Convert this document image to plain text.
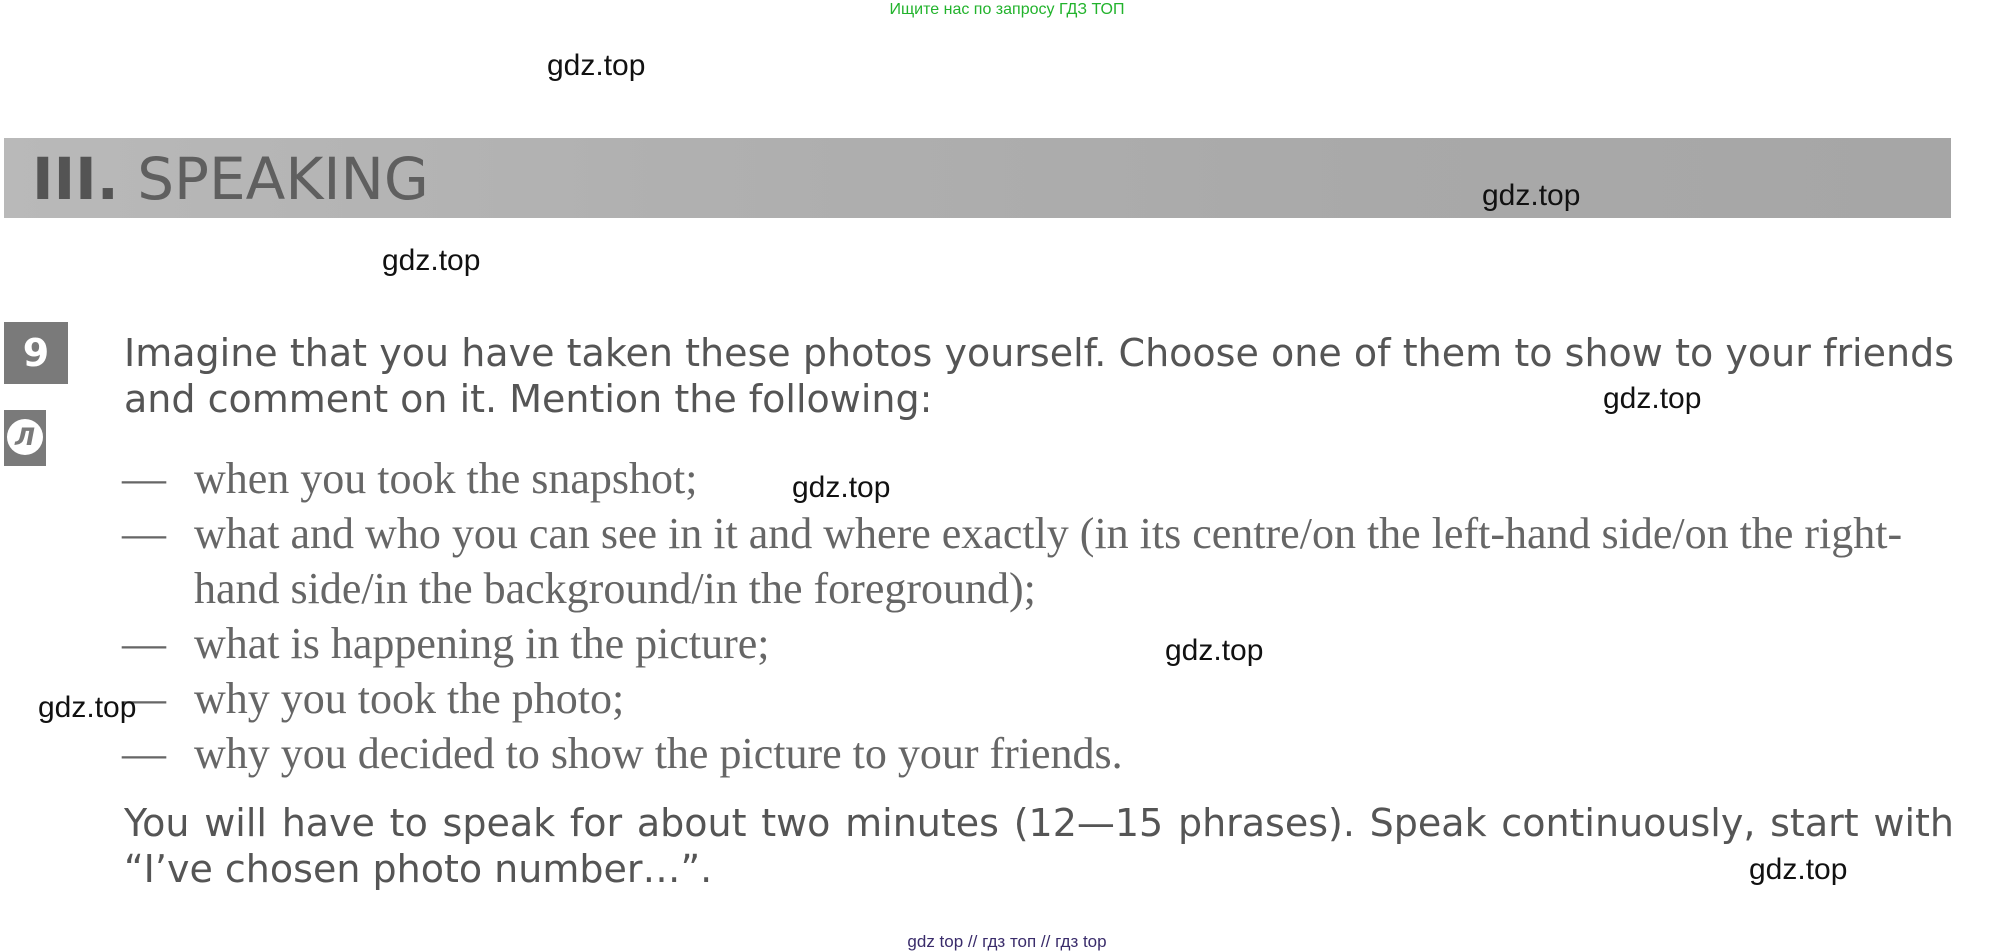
Ищите нас по запросу ГДЗ ТОП
III. SPEAKING
9
Л
Imagine that you have taken these photos yourself. Choose one of them to show to your friends and comment on it. Mention the following:
— when you took the snapshot;
— what and who you can see in it and where exactly (in its centre/on the left-hand side/on the right-hand side/in the background/in the foreground);
— what is happening in the picture;
— why you took the photo;
— why you decided to show the picture to your friends.
You will have to speak for about two minutes (12—15 phrases). Speak continuously, start with “I’ve chosen photo number…”.
gdz.top
gdz.top
gdz.top
gdz.top
gdz.top
gdz.top
gdz.top
gdz.top
gdz top // гдз топ // гдз top
